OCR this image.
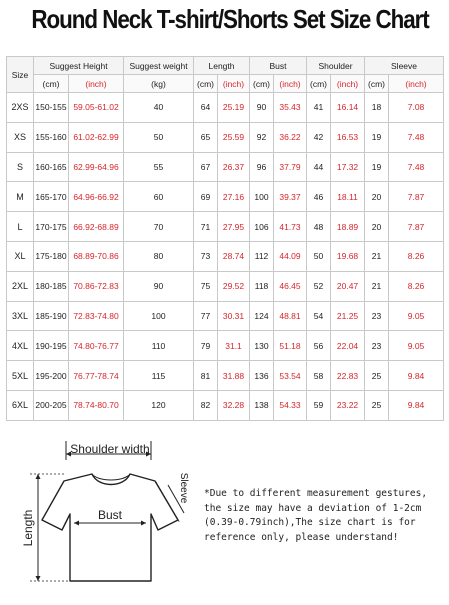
Round Neck T-shirt/Shorts Set Size Chart
Size	Suggest Height		Suggest weight	Length		Bust		Shoulder		Sleeve	
	(cm)	(inch)	(kg)	(cm)	(inch)	(cm)	(inch)	(cm)	(inch)	(cm)	(inch)
2XS	150-155	59.05-61.02	40	64	25.19	90	35.43	41	16.14	18	7.08
XS	155-160	61.02-62.99	50	65	25.59	92	36.22	42	16.53	19	7.48
S	160-165	62.99-64.96	55	67	26.37	96	37.79	44	17.32	19	7.48
M	165-170	64.96-66.92	60	69	27.16	100	39.37	46	18.11	20	7.87
L	170-175	66.92-68.89	70	71	27.95	106	41.73	48	18.89	20	7.87
XL	175-180	68.89-70.86	80	73	28.74	112	44.09	50	19.68	21	8.26
2XL	180-185	70.86-72.83	90	75	29.52	118	46.45	52	20.47	21	8.26
3XL	185-190	72.83-74.80	100	77	30.31	124	48.81	54	21.25	23	9.05
4XL	190-195	74.80-76.77	110	79	31.1	130	51.18	56	22.04	23	9.05
5XL	195-200	76.77-78.74	115	81	31.88	136	53.54	58	22.83	25	9.84
6XL	200-205	78.74-80.70	120	82	32.28	138	54.33	59	23.22	25	9.84
Shoulder width
Bust
Length
Sleeve *Due to different measurement gestures,
the size may have a deviation of 1-2cm
(0.39-0.79inch),The size chart is for
reference only, please understand!
